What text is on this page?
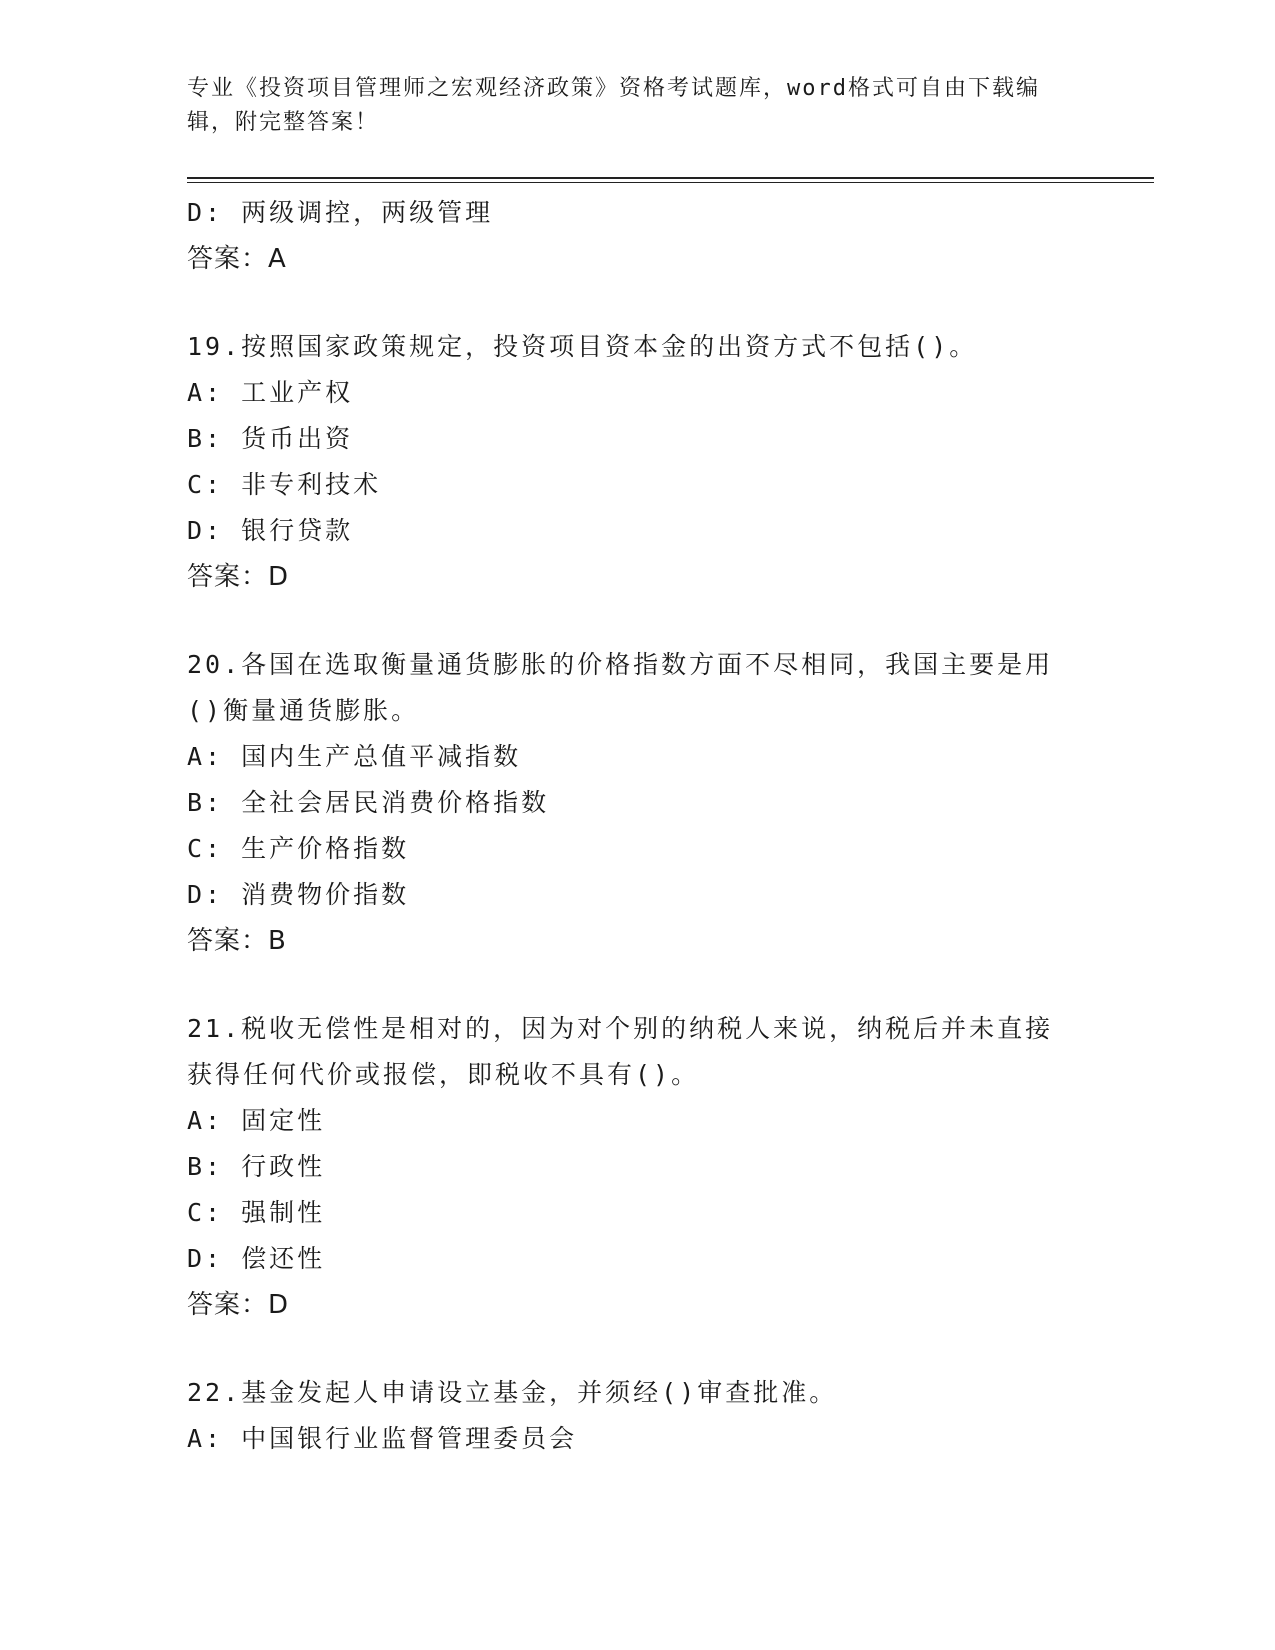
专业《投资项目管理师之宏观经济政策》资格考试题库，word格式可自由下载编
辑，附完整答案！
D: 两级调控，两级管理
答案：A
19.按照国家政策规定，投资项目资本金的出资方式不包括()。
A: 工业产权
B: 货币出资
C: 非专利技术
D: 银行贷款
答案：D
20.各国在选取衡量通货膨胀的价格指数方面不尽相同，我国主要是用
()衡量通货膨胀。
A: 国内生产总值平减指数
B: 全社会居民消费价格指数
C: 生产价格指数
D: 消费物价指数
答案：B
21.税收无偿性是相对的，因为对个别的纳税人来说，纳税后并未直接
获得任何代价或报偿，即税收不具有()。
A: 固定性
B: 行政性
C: 强制性
D: 偿还性
答案：D
22.基金发起人申请设立基金，并须经()审查批准。
A: 中国银行业监督管理委员会
